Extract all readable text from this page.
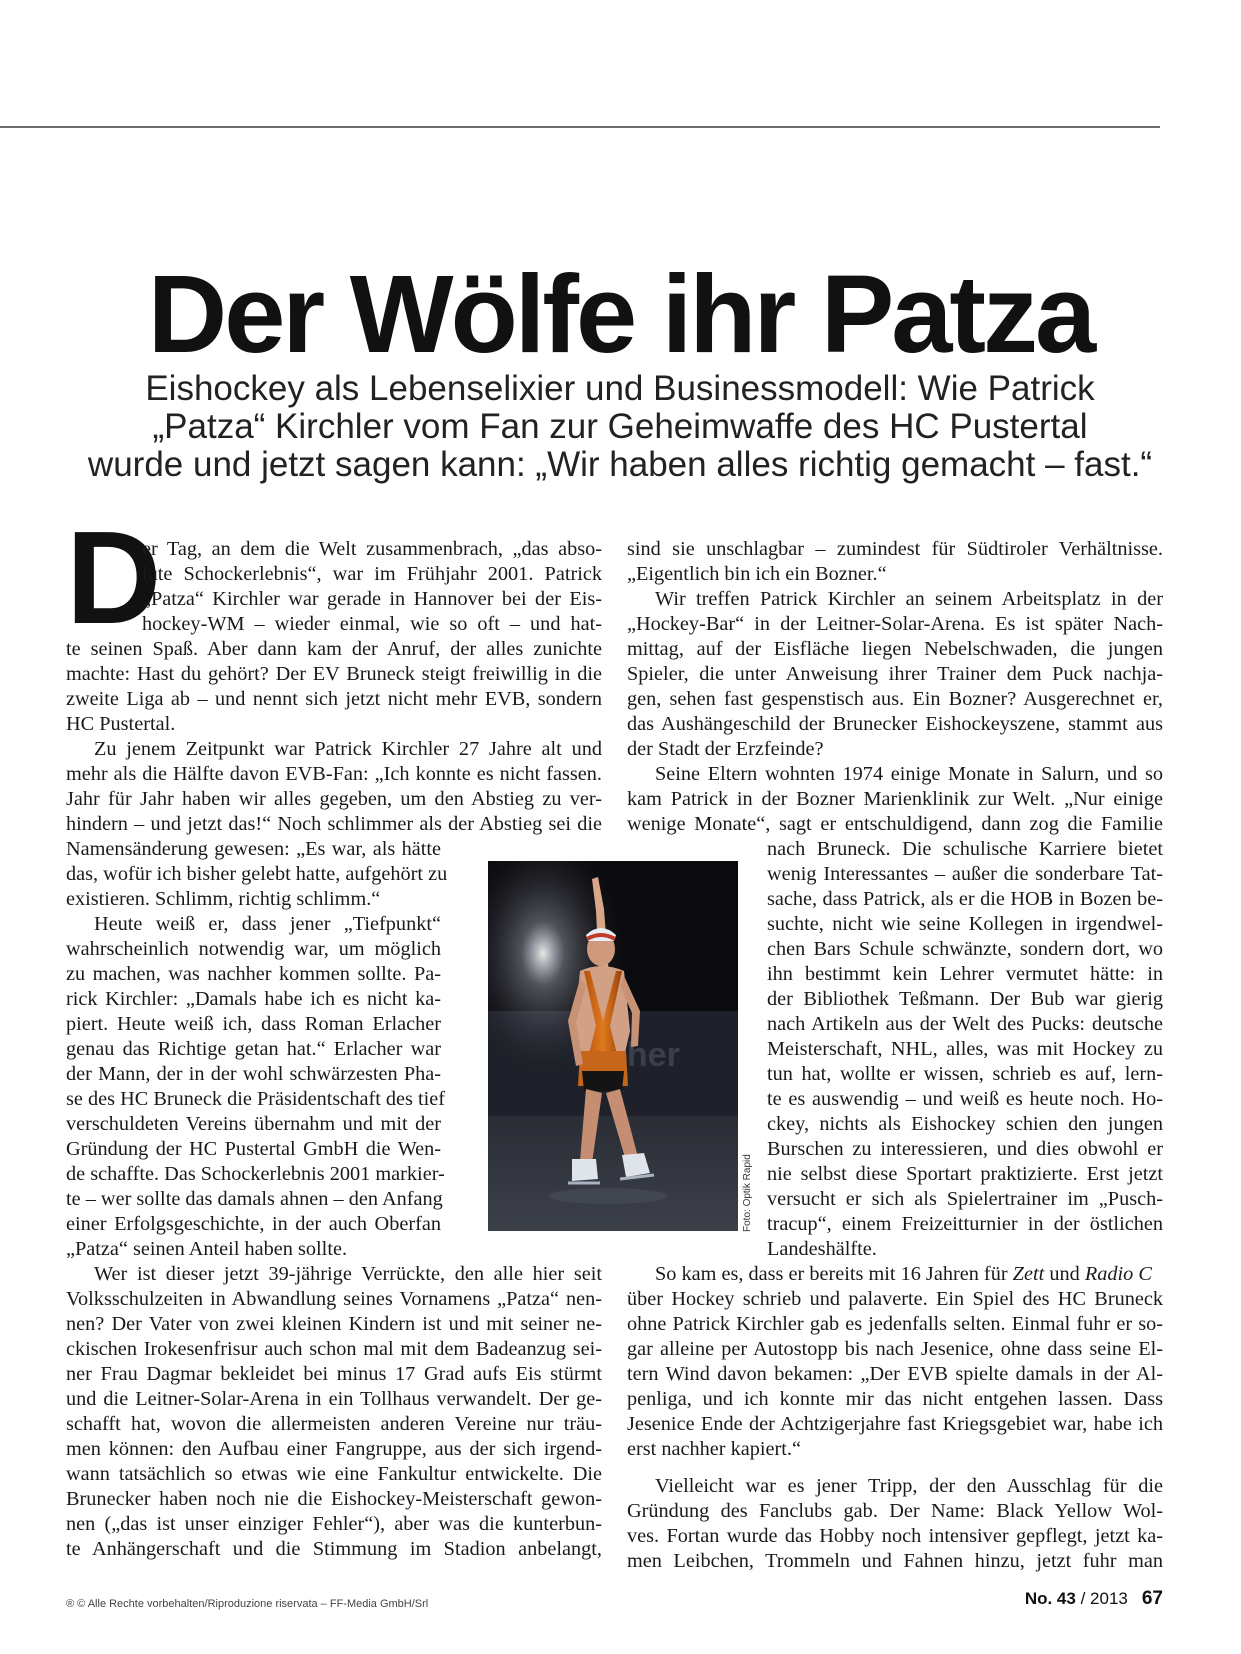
Der Wölfe ihr Patza
Eishockey als Lebenselixier und Businessmodell: Wie Patrick
„Patza“ Kirchler vom Fan zur Geheimwaffe des HC Pustertal
wurde und jetzt sagen kann: „Wir haben alles richtig gemacht – fast.“
D
er Tag, an dem die Welt zusammenbrach, „das abso-
lute Schockerlebnis“, war im Frühjahr 2001. Patrick
„Patza“ Kirchler war gerade in Hannover bei der Eis-
hockey-WM – wieder einmal, wie so oft – und hat-
te seinen Spaß. Aber dann kam der Anruf, der alles zunichte
machte: Hast du gehört? Der EV Bruneck steigt freiwillig in die
zweite Liga ab – und nennt sich jetzt nicht mehr EVB, sondern
HC Pustertal.
Zu jenem Zeitpunkt war Patrick Kirchler 27 Jahre alt und
mehr als die Hälfte davon EVB-Fan: „Ich konnte es nicht fassen.
Jahr für Jahr haben wir alles gegeben, um den Abstieg zu ver-
hindern – und jetzt das!“ Noch schlimmer als der Abstieg sei die
Namensänderung gewesen: „Es war, als hätte
das, wofür ich bisher gelebt hatte, aufgehört zu
existieren. Schlimm, richtig schlimm.“
Heute weiß er, dass jener „Tiefpunkt“
wahrscheinlich notwendig war, um möglich
zu machen, was nachher kommen sollte. Pa-
rick Kirchler: „Damals habe ich es nicht ka-
piert. Heute weiß ich, dass Roman Erlacher
genau das Richtige getan hat.“ Erlacher war
der Mann, der in der wohl schwärzesten Pha-
se des HC Bruneck die Präsidentschaft des tief
verschuldeten Vereins übernahm und mit der
Gründung der HC Pustertal GmbH die Wen-
de schaffte. Das Schockerlebnis 2001 markier-
te – wer sollte das damals ahnen – den Anfang
einer Erfolgsgeschichte, in der auch Oberfan
„Patza“ seinen Anteil haben sollte.
Wer ist dieser jetzt 39-jährige Verrückte, den alle hier seit
Volksschulzeiten in Abwandlung seines Vornamens „Patza“ nen-
nen? Der Vater von zwei kleinen Kindern ist und mit seiner ne-
ckischen Irokesenfrisur auch schon mal mit dem Badeanzug sei-
ner Frau Dagmar bekleidet bei minus 17 Grad aufs Eis stürmt
und die Leitner-Solar-Arena in ein Tollhaus verwandelt. Der ge-
schafft hat, wovon die allermeisten anderen Vereine nur träu-
men können: den Aufbau einer Fangruppe, aus der sich irgend-
wann tatsächlich so etwas wie eine Fankultur entwickelte. Die
Brunecker haben noch nie die Eishockey-Meisterschaft gewon-
nen („das ist unser einziger Fehler“), aber was die kunterbun-
te Anhängerschaft und die Stimmung im Stadion anbelangt,
sind sie unschlagbar – zumindest für Südtiroler Verhältnisse.
„Eigentlich bin ich ein Bozner.“
Wir treffen Patrick Kirchler an seinem Arbeitsplatz in der
„Hockey-Bar“ in der Leitner-Solar-Arena. Es ist später Nach-
mittag, auf der Eisfläche liegen Nebelschwaden, die jungen
Spieler, die unter Anweisung ihrer Trainer dem Puck nachja-
gen, sehen fast gespenstisch aus. Ein Bozner? Ausgerechnet er,
das Aushängeschild der Brunecker Eishockeyszene, stammt aus
der Stadt der Erzfeinde?
Seine Eltern wohnten 1974 einige Monate in Salurn, und so
kam Patrick in der Bozner Marienklinik zur Welt. „Nur einige
wenige Monate“, sagt er entschuldigend, dann zog die Familie
nach Bruneck. Die schulische Karriere bietet
wenig Interessantes – außer die sonderbare Tat-
sache, dass Patrick, als er die HOB in Bozen be-
suchte, nicht wie seine Kollegen in irgendwel-
chen Bars Schule schwänzte, sondern dort, wo
ihn bestimmt kein Lehrer vermutet hätte: in
der Bibliothek Teßmann. Der Bub war gierig
nach Artikeln aus der Welt des Pucks: deutsche
Meisterschaft, NHL, alles, was mit Hockey zu
tun hat, wollte er wissen, schrieb es auf, lern-
te es auswendig – und weiß es heute noch. Ho-
ckey, nichts als Eishockey schien den jungen
Burschen zu interessieren, und dies obwohl er
nie selbst diese Sportart praktizierte. Erst jetzt
versucht er sich als Spielertrainer im „Pusch-
tracup“, einem Freizeitturnier in der östlichen
Landeshälfte.
So kam es, dass er bereits mit 16 Jahren für Zett und Radio C
über Hockey schrieb und palaverte. Ein Spiel des HC Bruneck
ohne Patrick Kirchler gab es jedenfalls selten. Einmal fuhr er so-
gar alleine per Autostopp bis nach Jesenice, ohne dass seine El-
tern Wind davon bekamen: „Der EVB spielte damals in der Al-
penliga, und ich konnte mir das nicht entgehen lassen. Dass
Jesenice Ende der Achtzigerjahre fast Kriegsgebiet war, habe ich
erst nachher kapiert.“
Vielleicht war es jener Tripp, der den Ausschlag für die
Gründung des Fanclubs gab. Der Name: Black Yellow Wol-
ves. Fortan wurde das Hobby noch intensiver gepflegt, jetzt ka-
men Leibchen, Trommeln und Fahnen hinzu, jetzt fuhr man
Foto: Optik Rapid
® © Alle Rechte vorbehalten/Riproduzione riservata – FF-Media GmbH/Srl	No. 43 / 2013 67
